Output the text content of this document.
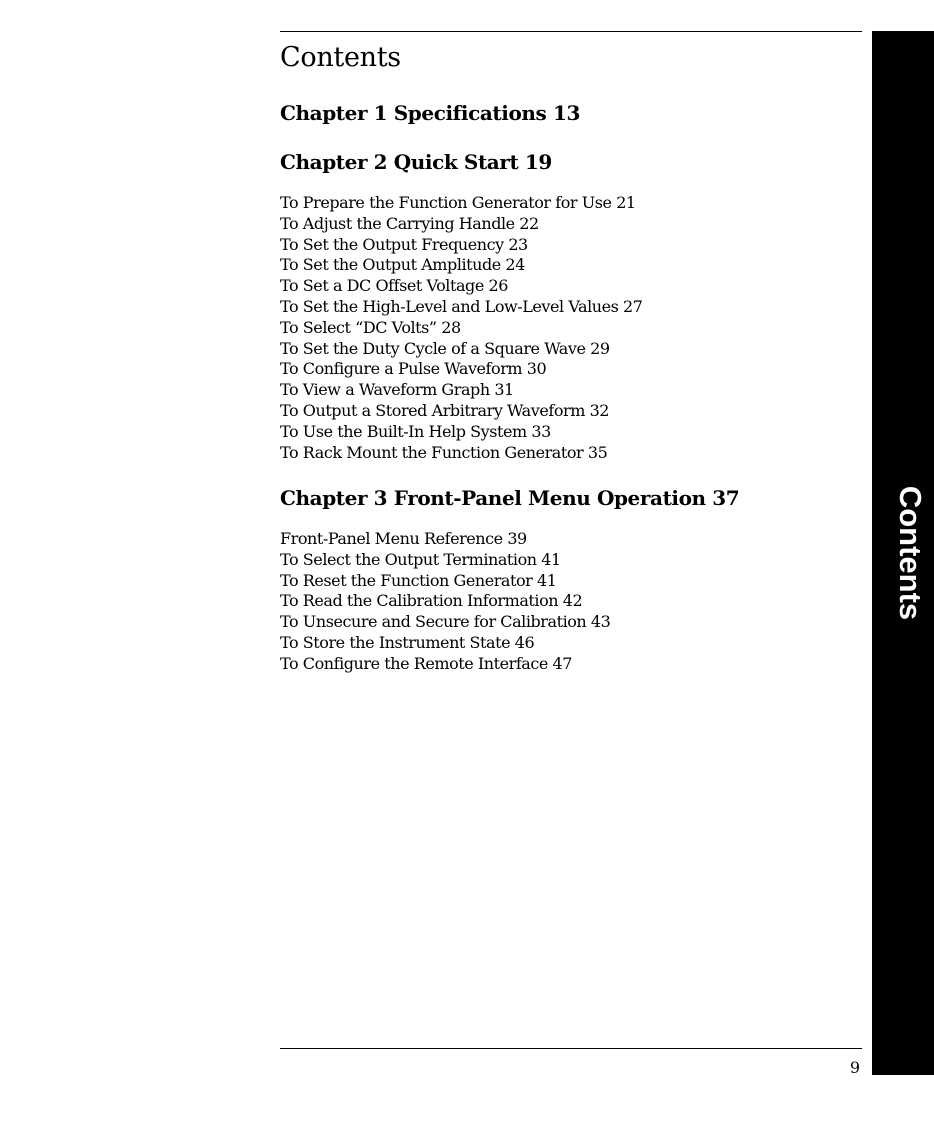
Contents
Chapter 1 Specifications 13
Chapter 2 Quick Start 19
To Prepare the Function Generator for Use 21
To Adjust the Carrying Handle 22
To Set the Output Frequency 23
To Set the Output Amplitude 24
To Set a DC Offset Voltage 26
To Set the High-Level and Low-Level Values 27
To Select “DC Volts” 28
To Set the Duty Cycle of a Square Wave 29
To Configure a Pulse Waveform 30
To View a Waveform Graph 31
To Output a Stored Arbitrary Waveform 32
To Use the Built-In Help System 33
To Rack Mount the Function Generator 35
Chapter 3 Front-Panel Menu Operation 37
Front-Panel Menu Reference 39
To Select the Output Termination 41
To Reset the Function Generator 41
To Read the Calibration Information 42
To Unsecure and Secure for Calibration 43
To Store the Instrument State 46
To Configure the Remote Interface 47
Contents
9
